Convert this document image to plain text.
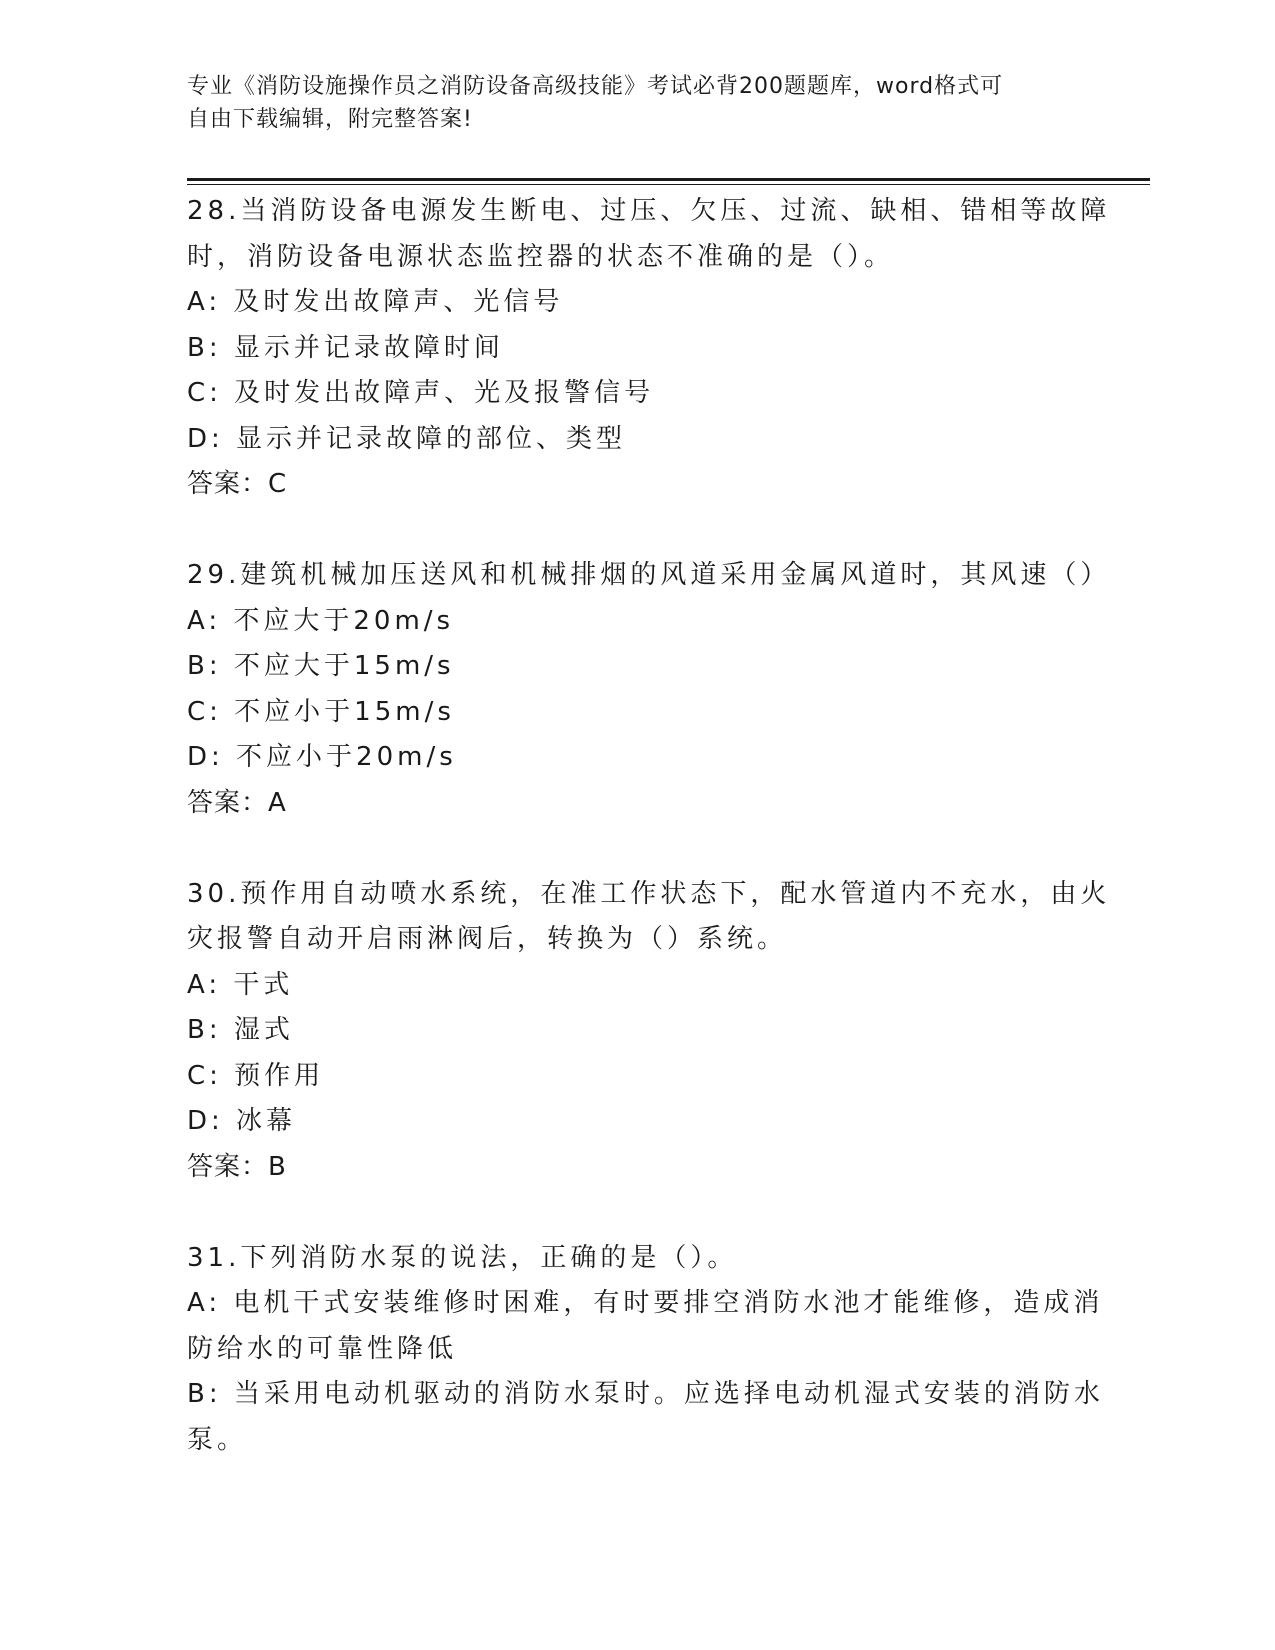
专业《消防设施操作员之消防设备高级技能》考试必背200题题库，word格式可
自由下载编辑，附完整答案!
28.当消防设备电源发生断电、过压、欠压、过流、缺相、错相等故障
时，消防设备电源状态监控器的状态不准确的是（）。
A: 及时发出故障声、光信号
B: 显示并记录故障时间
C: 及时发出故障声、光及报警信号
D: 显示并记录故障的部位、类型
答案：C
29.建筑机械加压送风和机械排烟的风道采用金属风道时，其风速（）
A: 不应大于20m/s
B: 不应大于15m/s
C: 不应小于15m/s
D: 不应小于20m/s
答案：A
30.预作用自动喷水系统，在准工作状态下，配水管道内不充水，由火
灾报警自动开启雨淋阀后，转换为（）系统。
A: 干式
B: 湿式
C: 预作用
D: 冰幕
答案：B
31.下列消防水泵的说法，正确的是（）。
A: 电机干式安装维修时困难，有时要排空消防水池才能维修，造成消
防给水的可靠性降低
B: 当采用电动机驱动的消防水泵时。应选择电动机湿式安装的消防水
泵。
